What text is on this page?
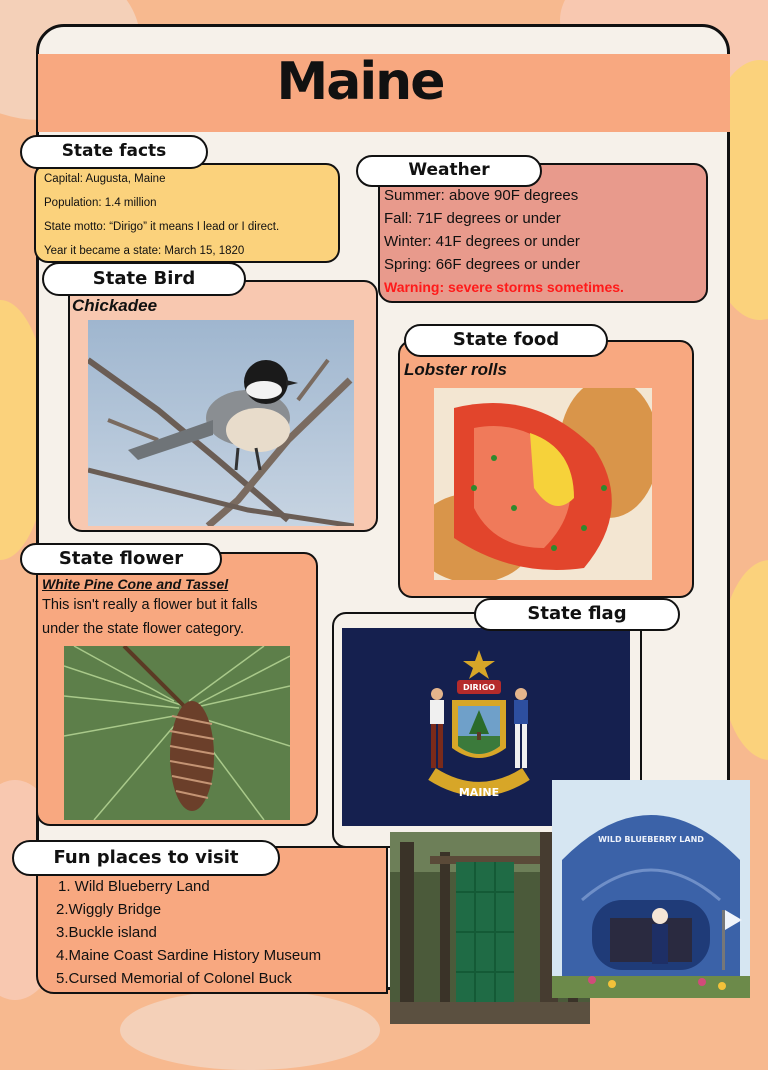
Maine
Capital: Augusta, Maine
Population: 1.4 million
State motto: “Dirigo” it means I lead or I direct.
Year it became a state: March 15, 1820
State facts
Summer: above 90F degrees
Fall: 71F degrees or under
Winter: 41F degrees or under
Spring: 66F degrees or under
Warning: severe storms sometimes.
Weather
Chickadee
State Bird
Lobster rolls
State food
White Pine Cone and Tassel
This isn't really a flower but it falls
under the state flower category.
State flower
DIRIGO
MAINE
State flag
1. Wild Blueberry Land
2.Wiggly Bridge
3.Buckle island
4.Maine Coast Sardine History Museum
5.Cursed Memorial of Colonel Buck
Fun places to visit
WILD BLUEBERRY LAND
